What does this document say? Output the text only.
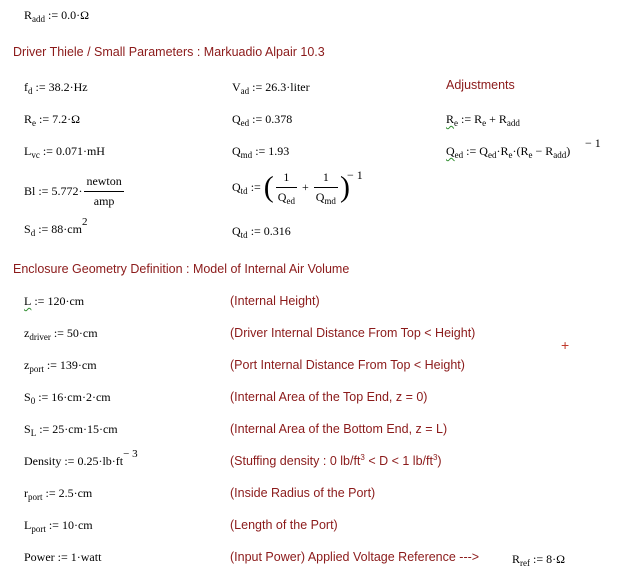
$R_{add}$ := 0.0·Ω
Driver Thiele / Small Parameters : Markuadio Alpair 10.3
$f_d$ := 38.2·Hz
$R_e$ := 7.2·Ω
$L_{vc}$ := 0.071·mH
Bl := $5.772\cdot \frac{\text{newton}}{\text{amp}}$
$S_d$ := $88\cdot cm^2$
$V_{ad}$ := 26.3·liter
$Q_{ed}$ := 0.378
$Q_{md}$ := 1.93
$Q_{td}$ := ( $\frac{1}{Q_{ed}} + \frac{1}{Q_{md}}$ )
− 1
$Q_{td}$ := 0.316
Adjustments
$R_e$ := $R_e + R_{add}$
$Q_{ed}$ := $Q_{ed}\cdot R_e\cdot(R_e - R_{add})$
− 1
Enclosure Geometry Definition : Model of Internal Air Volume
L := 120·cm	(Internal Height)
$z_{driver}$ := 50·cm	(Driver Internal Distance From Top < Height)
$z_{port}$ := 139·cm	(Port Internal Distance From Top < Height)
$S_0$ := 16·cm·2·cm	(Internal Area of the Top End, z = 0)
$S_L$ := 25·cm·15·cm	(Internal Area of the Bottom End, z = L)
Density := $0.25\cdot lb\cdot ft^{- 3}$	(Stuffing density : 0 $lb/ft^3 < D < 1$ $lb/ft^3$)
$r_{port}$ := 2.5·cm	(Inside Radius of the Port)
$L_{port}$ := 10·cm	(Length of the Port)
Power := 1·watt	(Input Power) Applied Voltage Reference --->	$R_{ref}$ := 8·Ω
+
